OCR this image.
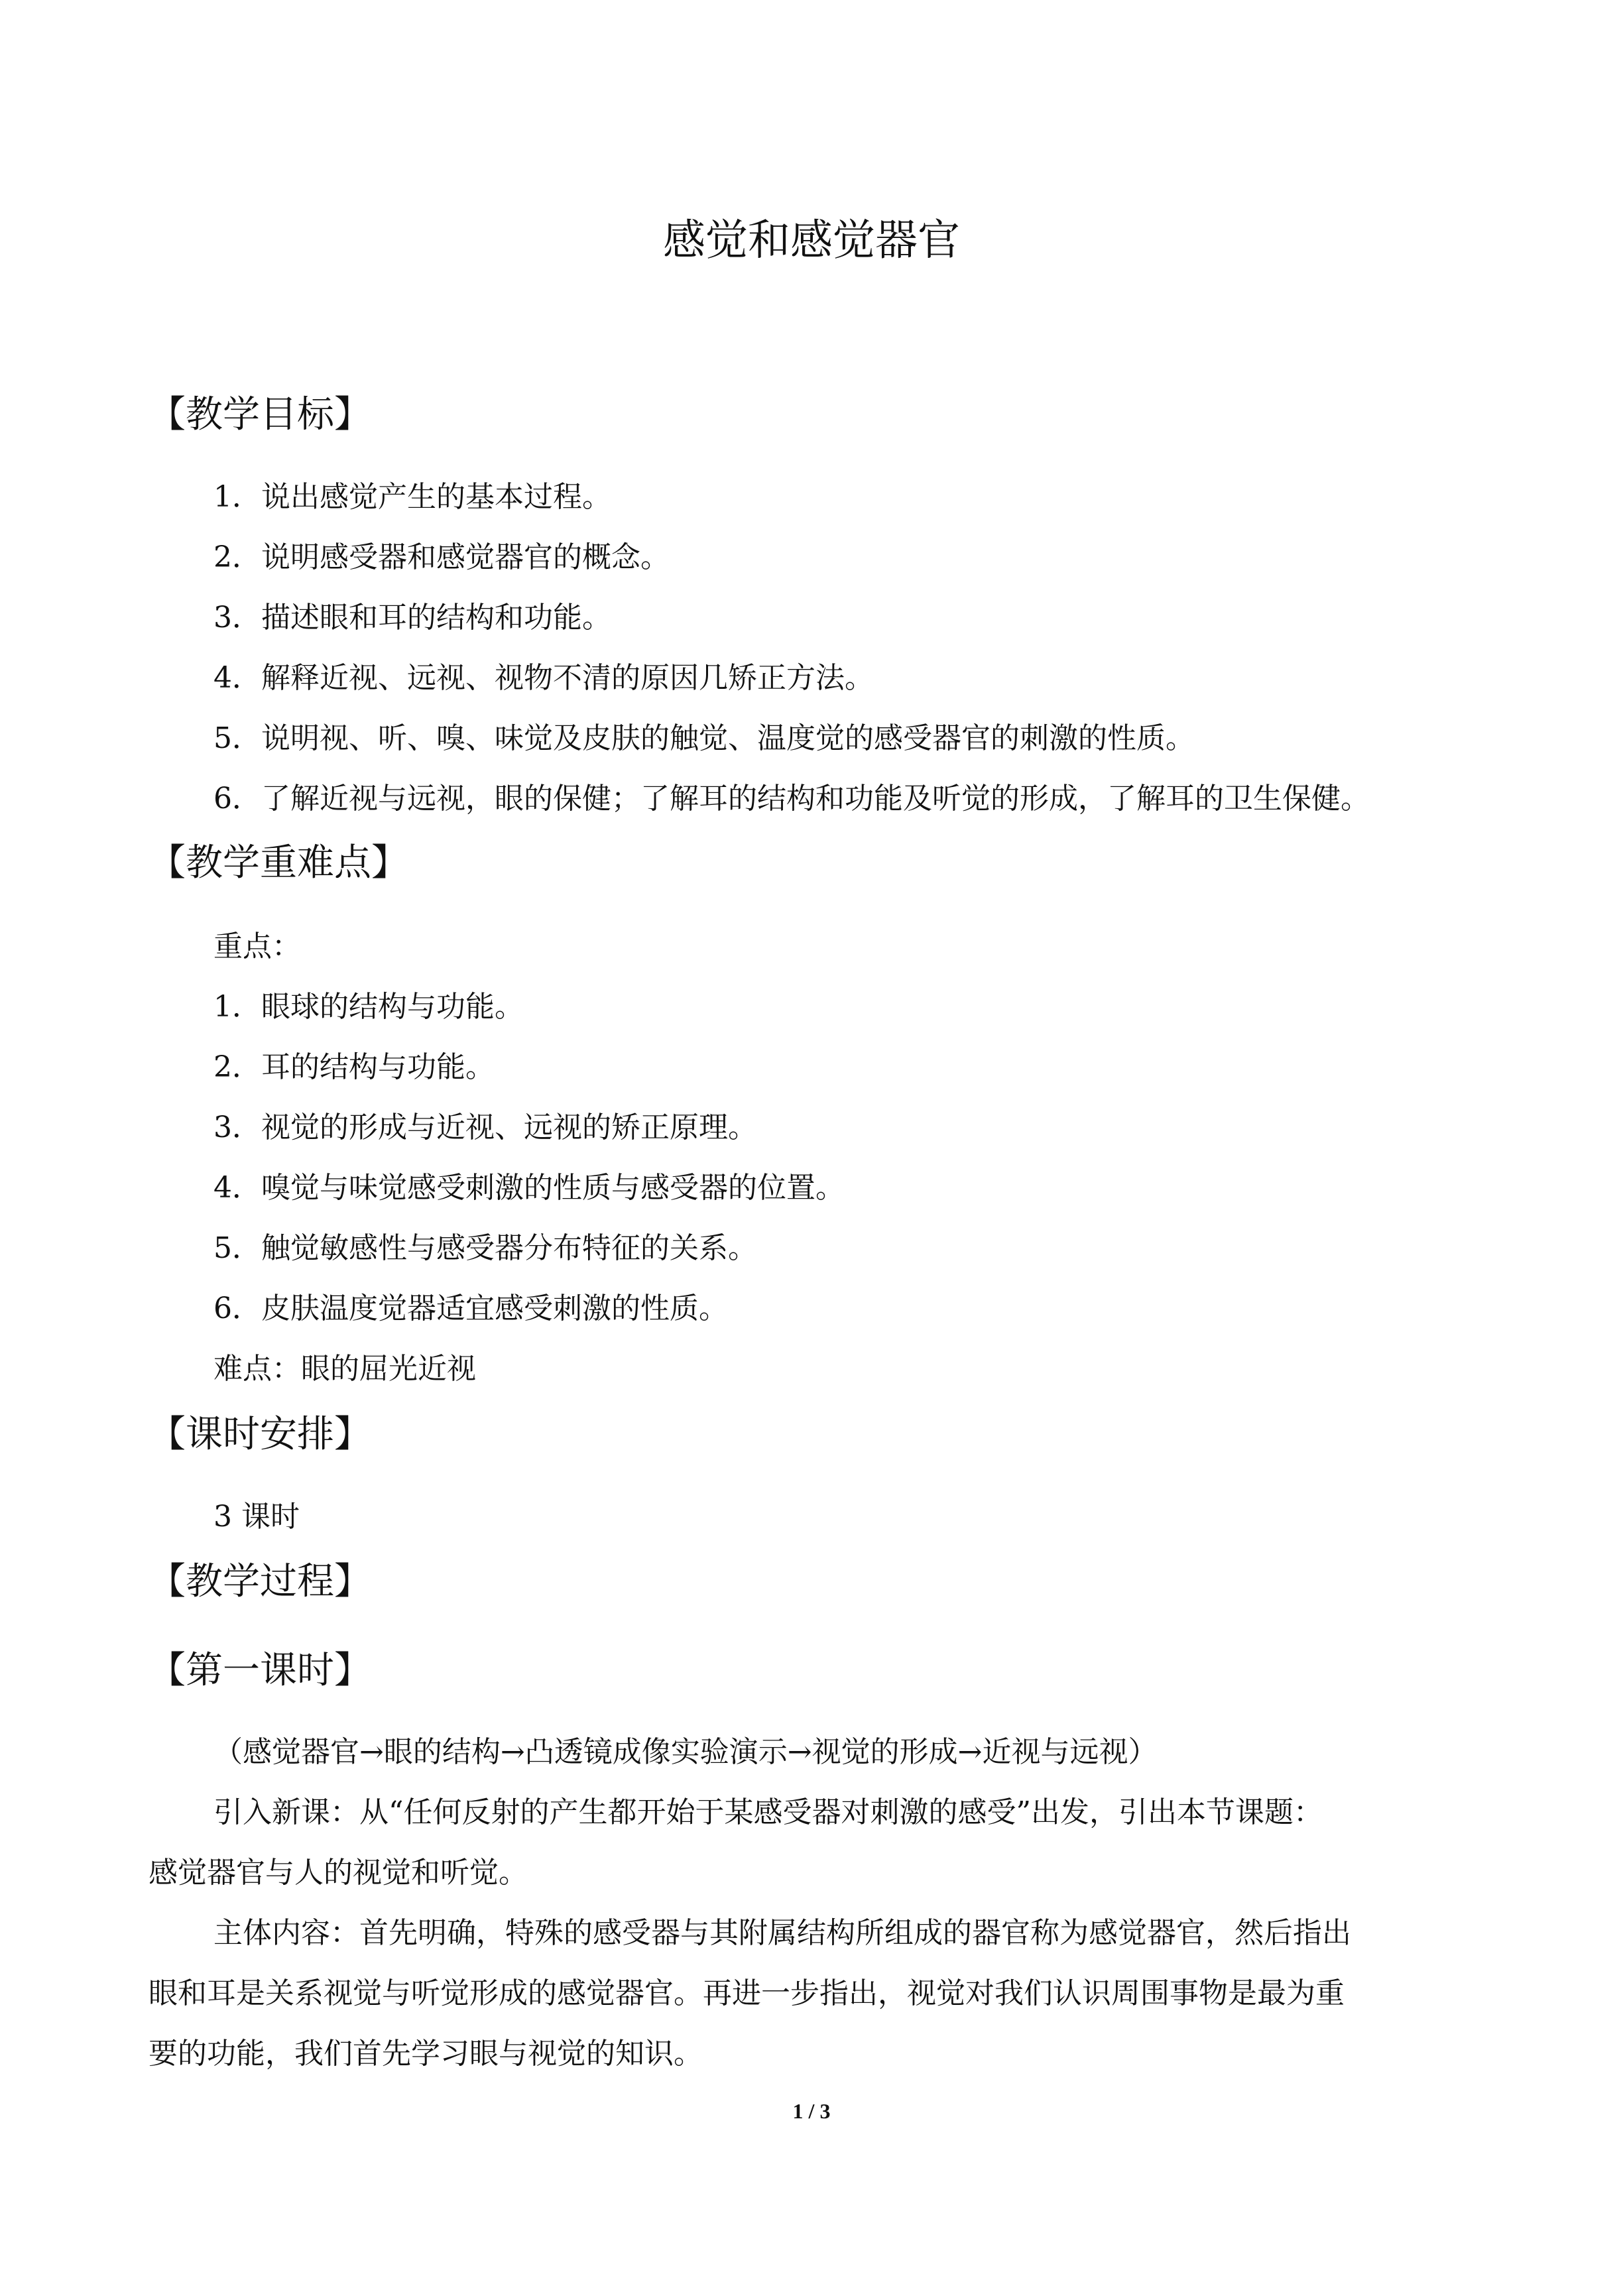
感觉和感觉器官
【教学目标】
1．说出感觉产生的基本过程。
2．说明感受器和感觉器官的概念。
3．描述眼和耳的结构和功能。
4．解释近视、远视、视物不清的原因几矫正方法。
5．说明视、听、嗅、味觉及皮肤的触觉、温度觉的感受器官的刺激的性质。
6．了解近视与远视，眼的保健；了解耳的结构和功能及听觉的形成，了解耳的卫生保健。
【教学重难点】
重点：
1．眼球的结构与功能。
2．耳的结构与功能。
3．视觉的形成与近视、远视的矫正原理。
4．嗅觉与味觉感受刺激的性质与感受器的位置。
5．触觉敏感性与感受器分布特征的关系。
6．皮肤温度觉器适宜感受刺激的性质。
难点：眼的屈光近视
【课时安排】
3 课时
【教学过程】
【第一课时】
（感觉器官→眼的结构→凸透镜成像实验演示→视觉的形成→近视与远视）
引入新课：从“任何反射的产生都开始于某感受器对刺激的感受”出发，引出本节课题：
感觉器官与人的视觉和听觉。
主体内容：首先明确，特殊的感受器与其附属结构所组成的器官称为感觉器官，然后指出
眼和耳是关系视觉与听觉形成的感觉器官。再进一步指出，视觉对我们认识周围事物是最为重
要的功能，我们首先学习眼与视觉的知识。
1 / 3
